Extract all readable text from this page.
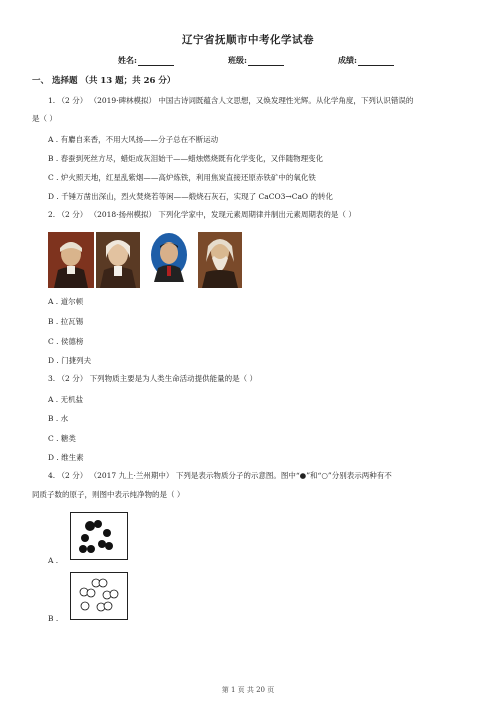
辽宁省抚顺市中考化学试卷
姓名:	班级:	成绩:
一、 选择题 （共 13 题；共 26 分）
1. （2 分） （2019·碑林模拟） 中国古诗词既蕴含人文思想，又焕发理性光辉。从化学角度，下列认识错误的
是（ ）
A . 有麝自来香，不用大风扬——分子总在不断运动
B . 春蚕到死丝方尽，蜡炬成灰泪始干——蜡烛燃烧既有化学变化，又伴随物理变化
C . 炉火照天地，红星乱紫烟——高炉炼铁，利用焦炭直接还原赤铁矿中的氧化铁
D . 千锤万凿出深山，烈火焚烧若等闲——煅烧石灰石，实现了 CaCO3→CaO 的转化
2. （2 分） （2018·扬州模拟） 下列化学家中，发现元素周期律并制出元素周期表的是（ ）
A . 道尔顿
B . 拉瓦锡
C . 侯德榜
D . 门捷列夫
3. （2 分） 下列物质主要是为人类生命活动提供能量的是（ ）
A . 无机盐
B . 水
C . 糖类
D . 维生素
4. （2 分） （2017 九上·兰州期中） 下列是表示物质分子的示意图。图中“●”和“○”分别表示两种有不
同质子数的原子，则图中表示纯净物的是（ ）
A .
B .
第 1 页 共 20 页
